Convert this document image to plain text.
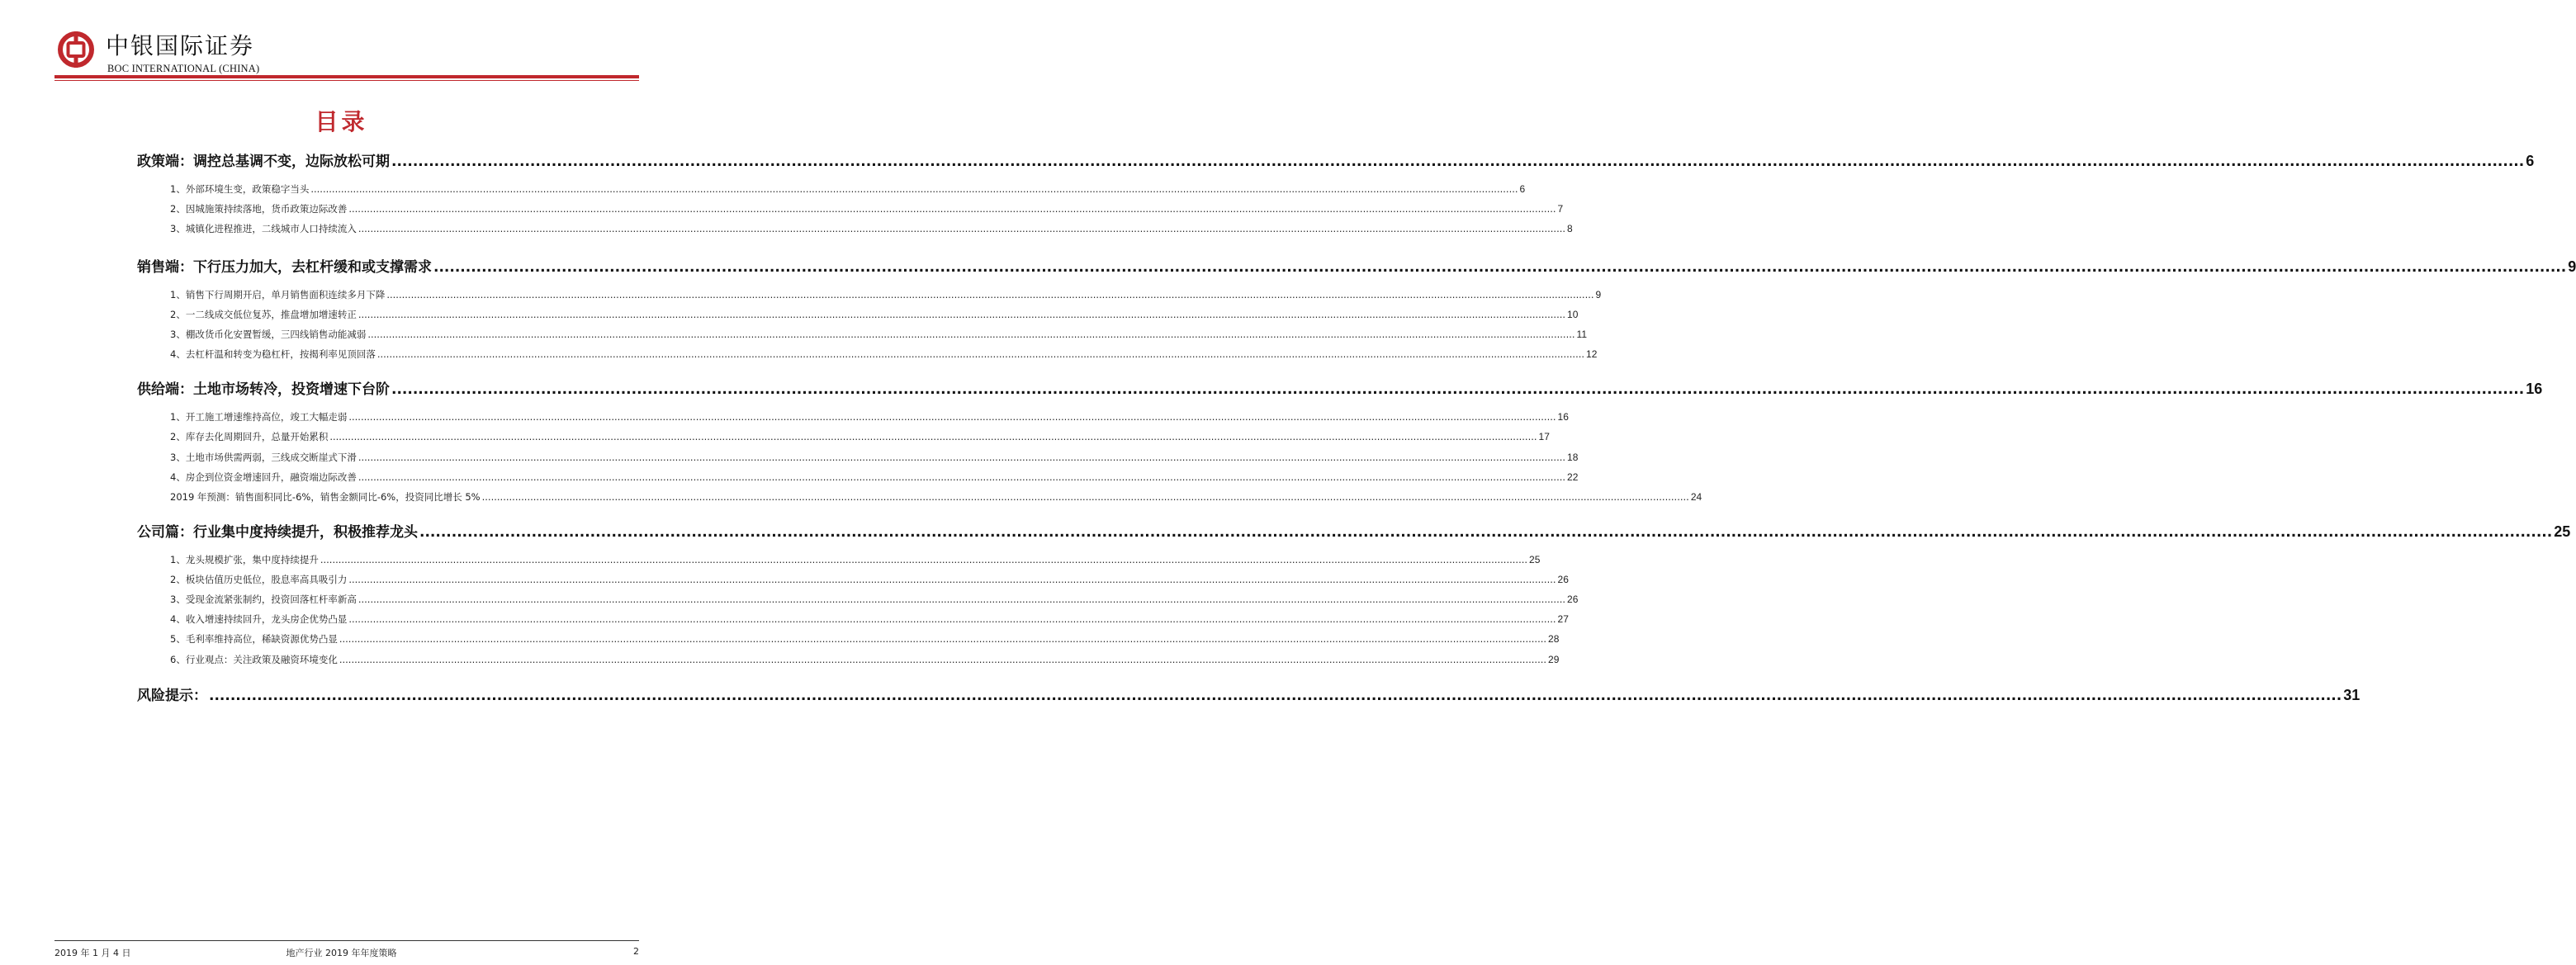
中银国际证券
BOC INTERNATIONAL (CHINA)
目录
政策端：调控总基调不变，边际放松可期 ................................................................................................................................................................................................................................................................................................................................................................................................................ 6
1、外部环境生变，政策稳字当头 ................................................................................................................................................................................................................................................................................................................................................................................................................ 6
2、因城施策持续落地，货币政策边际改善 ................................................................................................................................................................................................................................................................................................................................................................................................................ 7
3、城镇化进程推进，二线城市人口持续流入 ................................................................................................................................................................................................................................................................................................................................................................................................................ 8
销售端：下行压力加大，去杠杆缓和或支撑需求 ................................................................................................................................................................................................................................................................................................................................................................................................................ 9
1、销售下行周期开启，单月销售面积连续多月下降 ................................................................................................................................................................................................................................................................................................................................................................................................................ 9
2、一二线成交低位复苏，推盘增加增速转正 ................................................................................................................................................................................................................................................................................................................................................................................................................ 10
3、棚改货币化安置暂缓，三四线销售动能减弱 ................................................................................................................................................................................................................................................................................................................................................................................................................ 11
4、去杠杆温和转变为稳杠杆，按揭利率见顶回落 ................................................................................................................................................................................................................................................................................................................................................................................................................ 12
供给端：土地市场转冷，投资增速下台阶 ................................................................................................................................................................................................................................................................................................................................................................................................................ 16
1、开工施工增速维持高位，竣工大幅走弱 ................................................................................................................................................................................................................................................................................................................................................................................................................ 16
2、库存去化周期回升，总量开始累积 ................................................................................................................................................................................................................................................................................................................................................................................................................ 17
3、土地市场供需两弱，三线成交断崖式下滑 ................................................................................................................................................................................................................................................................................................................................................................................................................ 18
4、房企到位资金增速回升，融资端边际改善 ................................................................................................................................................................................................................................................................................................................................................................................................................ 22
2019 年预测：销售面积同比-6%，销售金额同比-6%，投资同比增长 5% ................................................................................................................................................................................................................................................................................................................................................................................................................ 24
公司篇：行业集中度持续提升，积极推荐龙头 ................................................................................................................................................................................................................................................................................................................................................................................................................ 25
1、龙头规模扩张，集中度持续提升 ................................................................................................................................................................................................................................................................................................................................................................................................................ 25
2、板块估值历史低位，股息率高具吸引力 ................................................................................................................................................................................................................................................................................................................................................................................................................ 26
3、受现金流紧张制约，投资回落杠杆率新高 ................................................................................................................................................................................................................................................................................................................................................................................................................ 26
4、收入增速持续回升，龙头房企优势凸显 ................................................................................................................................................................................................................................................................................................................................................................................................................ 27
5、毛利率维持高位，稀缺资源优势凸显 ................................................................................................................................................................................................................................................................................................................................................................................................................ 28
6、行业观点：关注政策及融资环境变化 ................................................................................................................................................................................................................................................................................................................................................................................................................ 29
风险提示： ................................................................................................................................................................................................................................................................................................................................................................................................................ 31
2019 年 1 月 4 日	地产行业 2019 年年度策略	2
